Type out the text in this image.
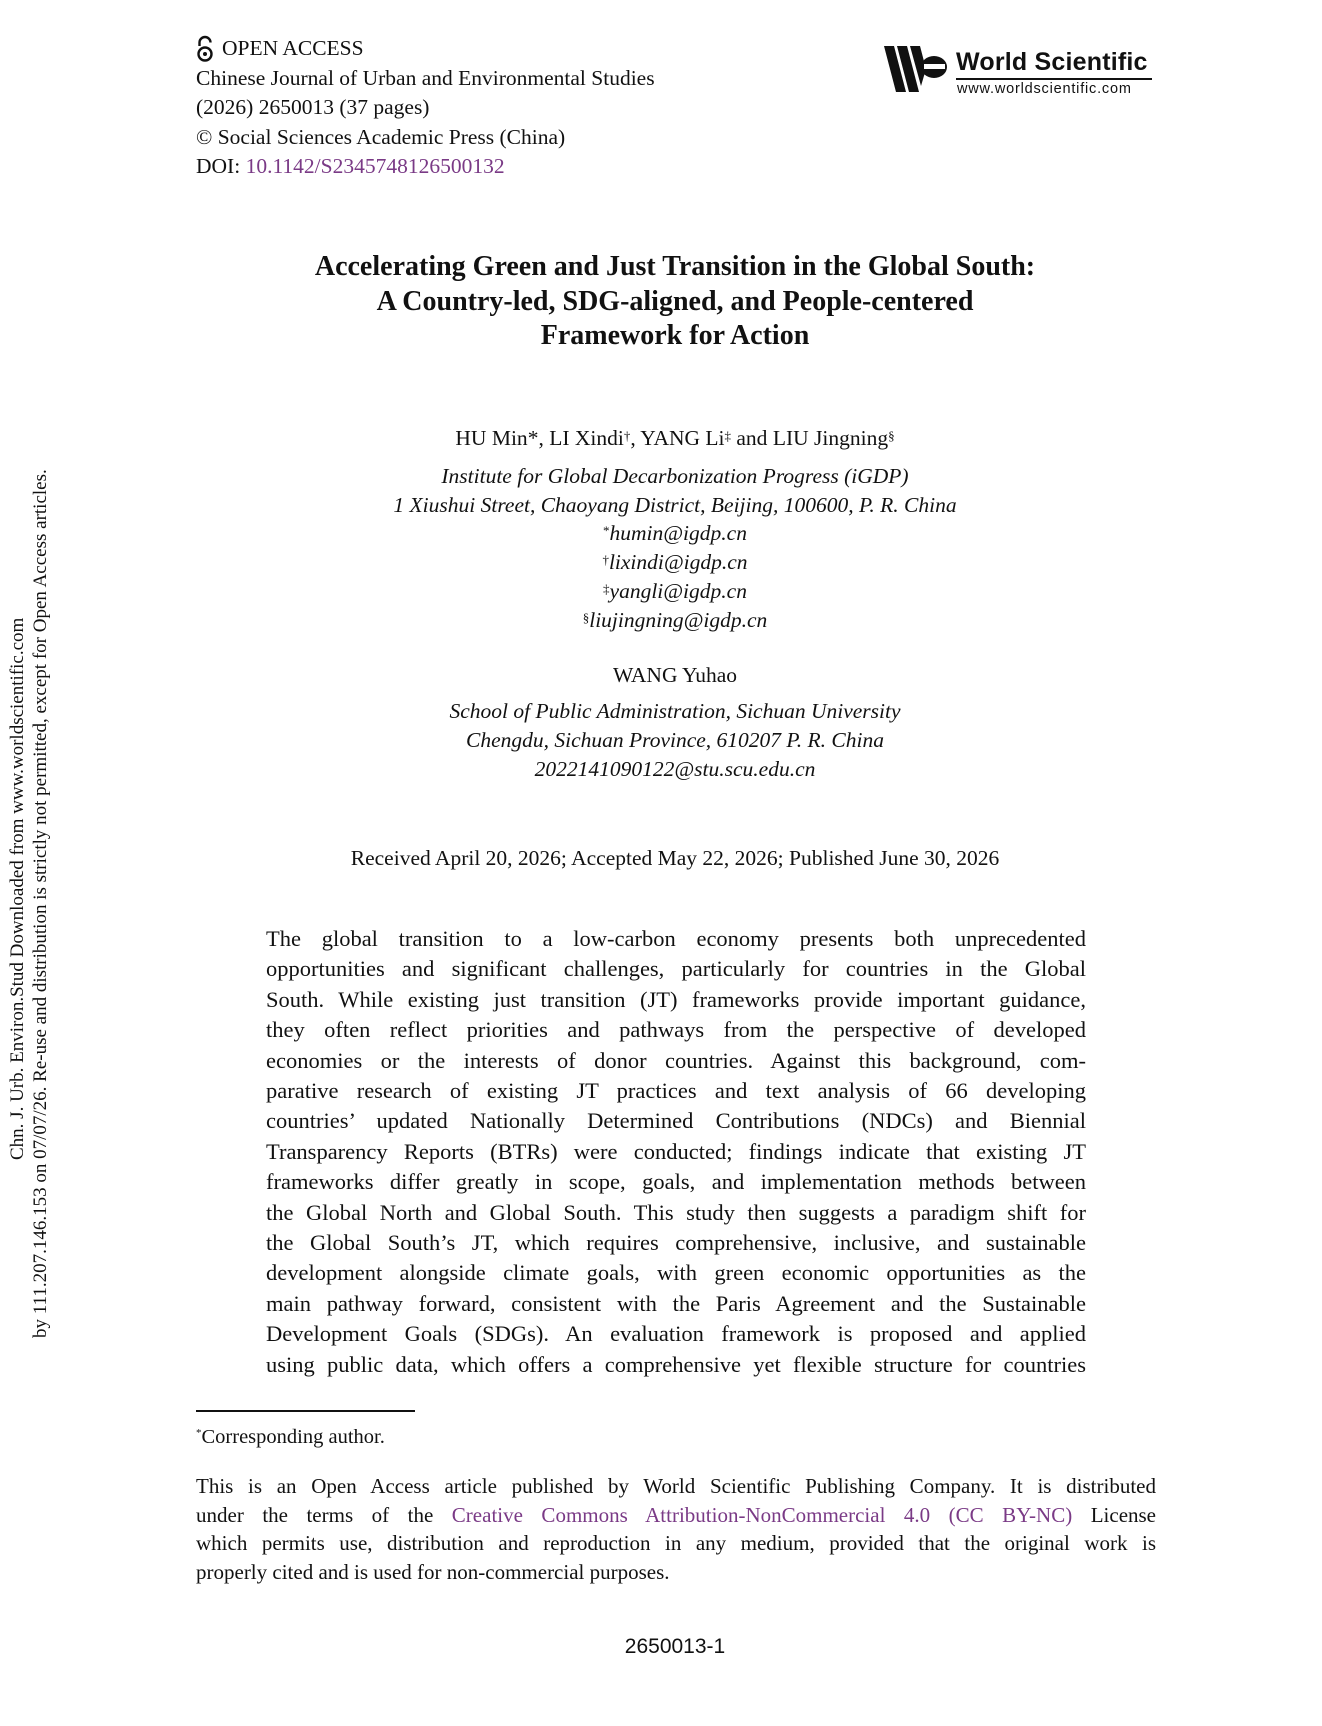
Chn. J. Urb. Environ.Stud Downloaded from www.worldscientific.com by 111.207.146.153 on 07/07/26. Re-use and distribution is strictly not permitted, except for Open Access articles.
OPEN ACCESS
Chinese Journal of Urban and Environmental Studies
(2026) 2650013 (37 pages)
© Social Sciences Academic Press (China)
DOI: 10.1142/S2345748126500132
World Scientific
www.worldscientific.com
Accelerating Green and Just Transition in the Global South:
A Country-led, SDG-aligned, and People-centered
Framework for Action
HU Min*, LI Xindi†, YANG Li‡ and LIU Jingning§
Institute for Global Decarbonization Progress (iGDP)
1 Xiushui Street, Chaoyang District, Beijing, 100600, P. R. China
*humin@igdp.cn
†lixindi@igdp.cn
‡yangli@igdp.cn
§liujingning@igdp.cn
WANG Yuhao
School of Public Administration, Sichuan University
Chengdu, Sichuan Province, 610207 P. R. China
2022141090122@stu.scu.edu.cn
Received April 20, 2026; Accepted May 22, 2026; Published June 30, 2026
The global transition to a low-carbon economy presents both unprecedented
opportunities and significant challenges, particularly for countries in the Global
South. While existing just transition (JT) frameworks provide important guidance,
they often reflect priorities and pathways from the perspective of developed
economies or the interests of donor countries. Against this background, com-
parative research of existing JT practices and text analysis of 66 developing
countries’ updated Nationally Determined Contributions (NDCs) and Biennial
Transparency Reports (BTRs) were conducted; findings indicate that existing JT
frameworks differ greatly in scope, goals, and implementation methods between
the Global North and Global South. This study then suggests a paradigm shift for
the Global South’s JT, which requires comprehensive, inclusive, and sustainable
development alongside climate goals, with green economic opportunities as the
main pathway forward, consistent with the Paris Agreement and the Sustainable
Development Goals (SDGs). An evaluation framework is proposed and applied
using public data, which offers a comprehensive yet flexible structure for countries
*Corresponding author.
This is an Open Access article published by World Scientific Publishing Company. It is distributed
under the terms of the Creative Commons Attribution-NonCommercial 4.0 (CC BY-NC) License
which permits use, distribution and reproduction in any medium, provided that the original work is
properly cited and is used for non-commercial purposes.
2650013-1
